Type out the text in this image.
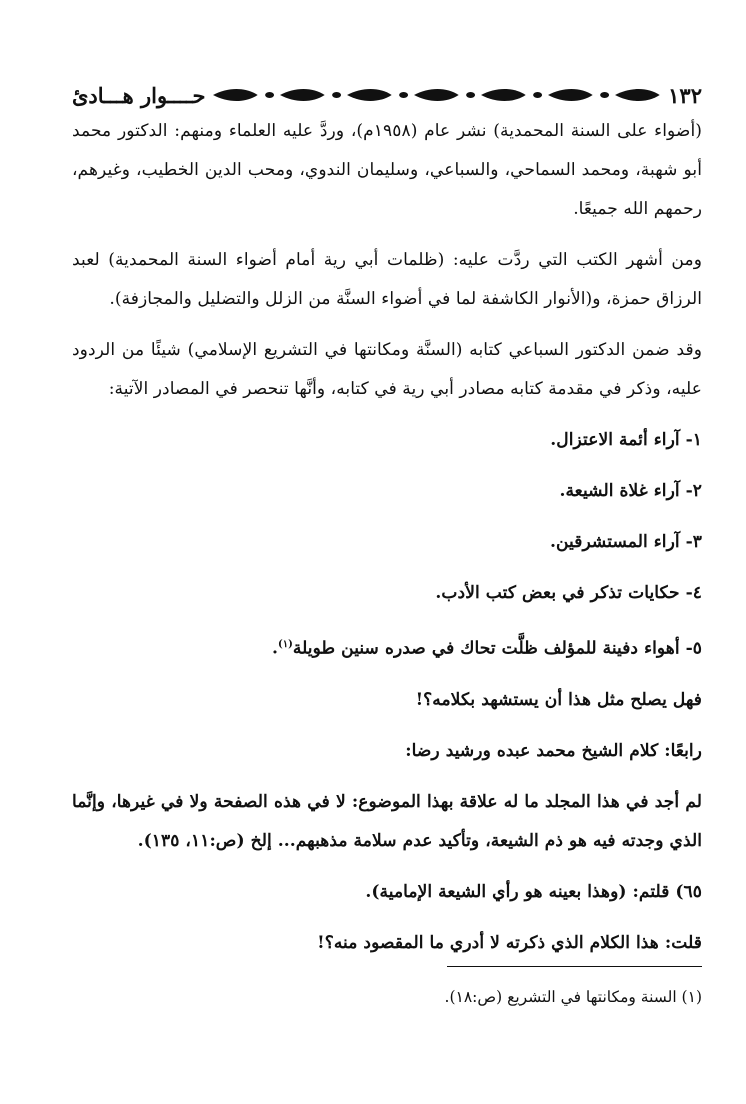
١٣٢
حــــوار هـــادئ

(أضواء على السنة المحمدية) نشر عام (١٩٥٨م)، وردَّ عليه العلماء ومنهم: الدكتور محمد أبو شهبة، ومحمد السماحي، والسباعي، وسليمان الندوي، ومحب الدين الخطيب، وغيرهم، رحمهم الله جميعًا.

ومن أشهر الكتب التي ردَّت عليه: (ظلمات أبي رية أمام أضواء السنة المحمدية) لعبد الرزاق حمزة، و(الأنوار الكاشفة لما في أضواء السنَّة من الزلل والتضليل والمجازفة).

وقد ضمن الدكتور السباعي كتابه (السنَّة ومكانتها في التشريع الإسلامي) شيئًا من الردود عليه، وذكر في مقدمة كتابه مصادر أبي رية في كتابه، وأنَّها تنحصر في المصادر الآتية:

١- آراء أئمة الاعتزال.
٢- آراء غلاة الشيعة.
٣- آراء المستشرقين.
٤- حكايات تذكر في بعض كتب الأدب.
٥- أهواء دفينة للمؤلف ظلَّت تحاك في صدره سنين طويلة$^{(١)}$.

فهل يصلح مثل هذا أن يستشهد بكلامه؟!

رابعًا: كلام الشيخ محمد عبده ورشيد رضا:

لم أجد في هذا المجلد ما له علاقة بهذا الموضوع: لا في هذه الصفحة ولا في غيرها، وإنَّما الذي وجدته فيه هو ذم الشيعة، وتأكيد عدم سلامة مذهبهم... إلخ (ص:١١، ١٣٥).

٦٥) قلتم: (وهذا بعينه هو رأي الشيعة الإمامية).

قلت: هذا الكلام الذي ذكرته لا أدري ما المقصود منه؟!

(١) السنة ومكانتها في التشريع (ص:١٨).
